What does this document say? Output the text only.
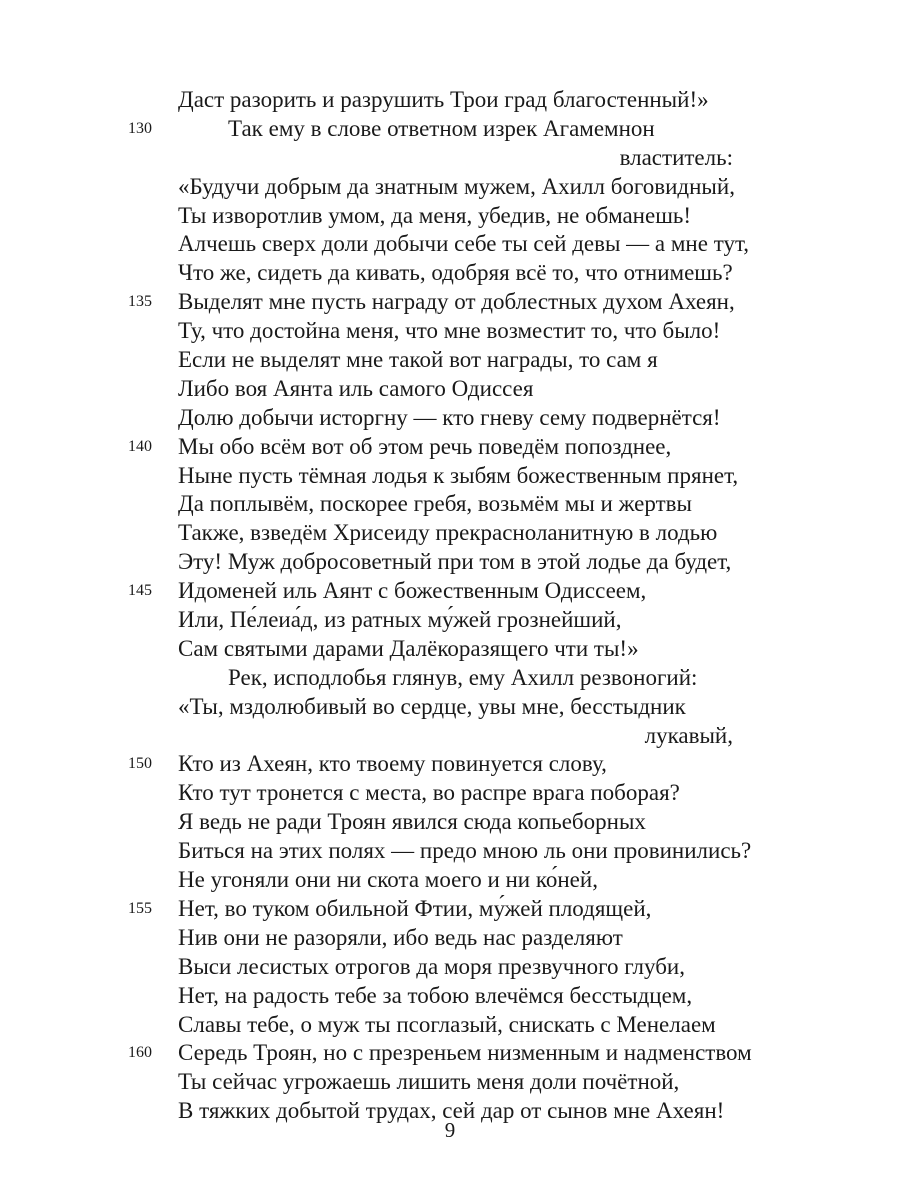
Даст разорить и разрушить Трои град благостенный!»
130	Так ему в слове ответном изрек Агамемнон
властитель:
«Будучи добрым да знатным мужем, Ахилл боговидный,
Ты изворотлив умом, да меня, убедив, не обманешь!
Алчешь сверх доли добычи себе ты сей девы — а мне тут,
Что же, сидеть да кивать, одобряя всё то, что отнимешь?
135	Выделят мне пусть награду от доблестных духом Ахеян,
Ту, что достойна меня, что мне возместит то, что было!
Если не выделят мне такой вот награды, то сам я
Либо воя Аянта иль самого Одиссея
Долю добычи исторгну — кто гневу сему подвернётся!
140	Мы обо всём вот об этом речь поведём попозднее,
Ныне пусть тёмная лодья к зыбям божественным прянет,
Да поплывём, поскорее гребя, возьмём мы и жертвы
Также, взведём Хрисеиду прекрасноланитную в лодью
Эту! Муж добросоветный при том в этой лодье да будет,
145	Идоменей иль Аянт с божественным Одиссеем,
Или, Пе́леиа́д, из ратных му́жей грознейший,
Сам святыми дарами Далёкоразящего чти ты!»
Рек, исподлобья глянув, ему Ахилл резвоногий:
«Ты, мздолюбивый во сердце, увы мне, бесстыдник
лукавый,
150	Кто из Ахеян, кто твоему повинуется слову,
Кто тут тронется с места, во распре врага поборая?
Я ведь не ради Троян явился сюда копьеборных
Биться на этих полях — предо мною ль они провинились?
Не угоняли они ни скота моего и ни ко́ней,
155	Нет, во туком обильной Фтии, му́жей плодящей,
Нив они не разоряли, ибо ведь нас разделяют
Выси лесистых отрогов да моря презвучного глуби,
Нет, на радость тебе за тобою влечёмся бесстыдцем,
Славы тебе, о муж ты псоглазый, снискать с Менелаем
160	Середь Троян, но с презреньем низменным и надменством
Ты сейчас угрожаешь лишить меня доли почётной,
В тяжких добытой трудах, сей дар от сынов мне Ахеян!
9
